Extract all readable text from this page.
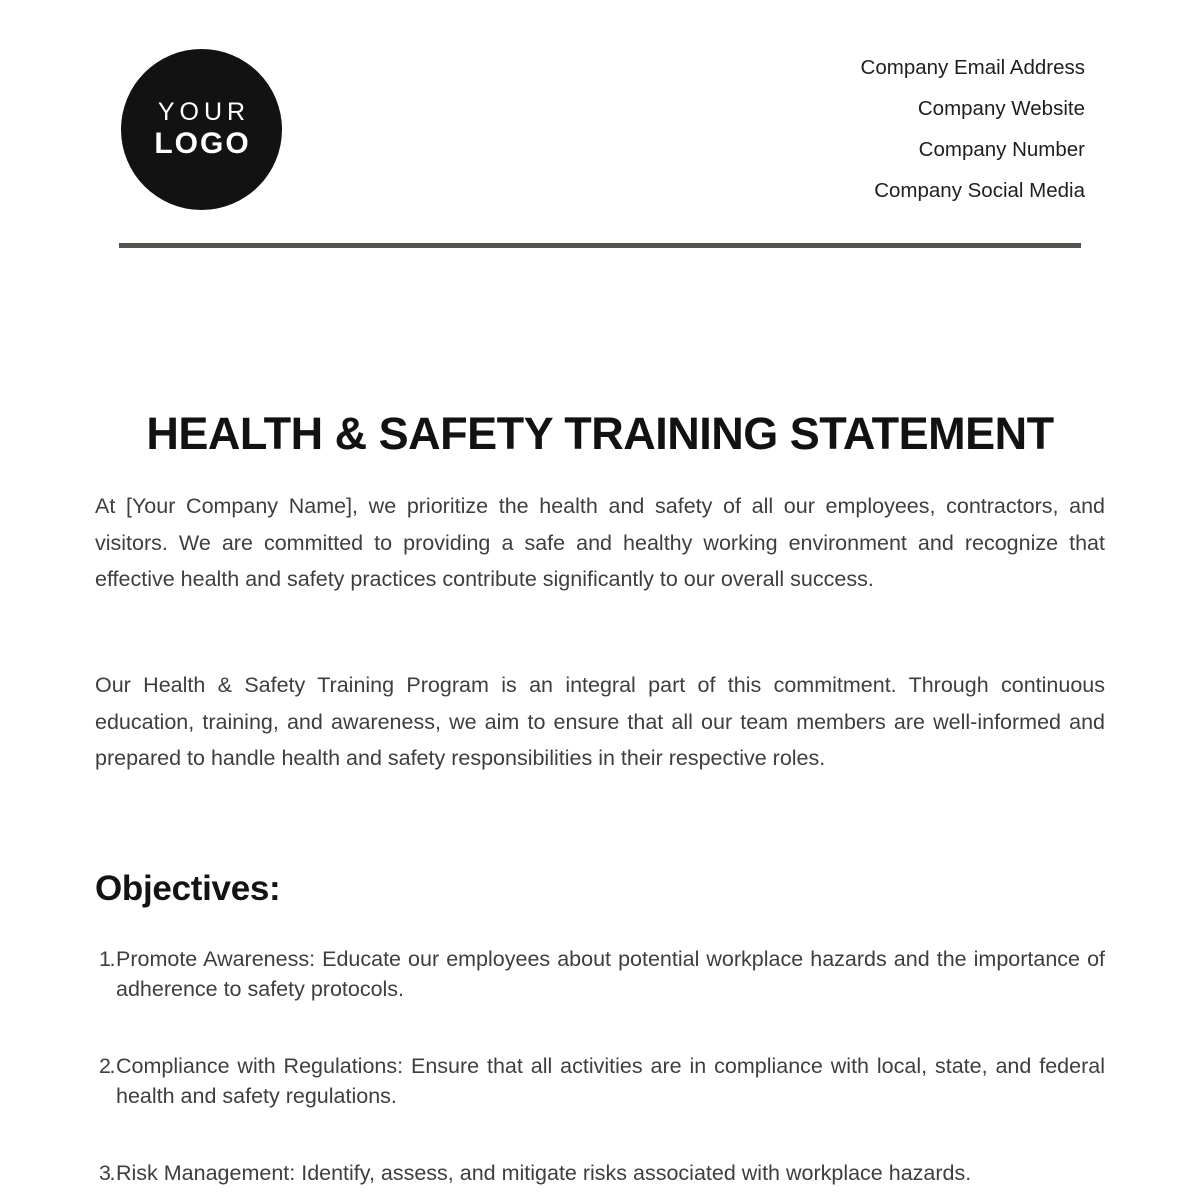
YOUR
LOGO
Company Email Address
Company Website
Company Number
Company Social Media
HEALTH & SAFETY TRAINING STATEMENT

At [Your Company Name], we prioritize the health and safety of all our employees, contractors, and visitors. We are committed to providing a safe and healthy working environment and recognize that effective health and safety practices contribute significantly to our overall success.

Our Health & Safety Training Program is an integral part of this commitment. Through continuous education, training, and awareness, we aim to ensure that all our team members are well-informed and prepared to handle health and safety responsibilities in their respective roles.

Objectives:
1. Promote Awareness: Educate our employees about potential workplace hazards and the importance of adherence to safety protocols.
2. Compliance with Regulations: Ensure that all activities are in compliance with local, state, and federal health and safety regulations.
3. Risk Management: Identify, assess, and mitigate risks associated with workplace hazards.
